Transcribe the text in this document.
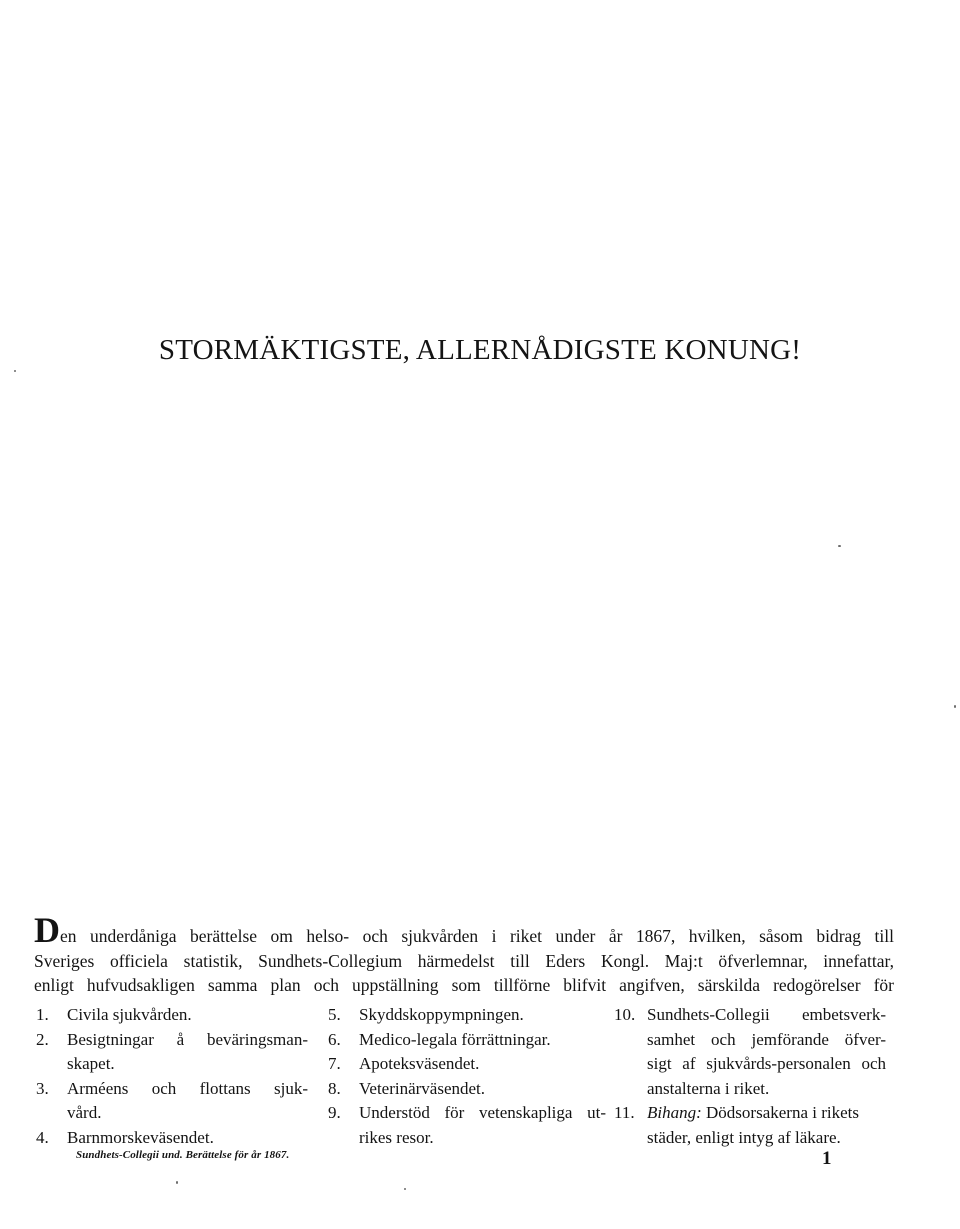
STORMÄKTIGSTE, ALLERNÅDIGSTE KONUNG!
Den underdåniga berättelse om helso- och sjukvården i riket under år 1867, hvilken, såsom bidrag till
Sveriges officiela statistik, Sundhets-Collegium härmedelst till Eders Kongl. Maj:t öfverlemnar, innefattar,
enligt hufvudsakligen samma plan och uppställning som tillförne blifvit angifven, särskilda redogörelser för
1.	Civila sjukvården.
2.	Besigtningar å beväringsman-
skapet.
3.	Arméens och flottans sjuk-
vård.
4.	Barnmorskeväsendet.
5.	Skyddskoppympningen.
6.	Medico-legala förrättningar.
7.	Apoteksväsendet.
8.	Veterinärväsendet.
9.	Understöd för vetenskapliga ut-
rikes resor.
10. Sundhets-Collegii embetsverk-
samhet och jemförande öfver-
sigt af sjukvårds-personalen och
anstalterna i riket.
11. Bihang: Dödsorsakerna i rikets
städer, enligt intyg af läkare.
Sundhets-Collegii und. Berättelse för år 1867.	1
